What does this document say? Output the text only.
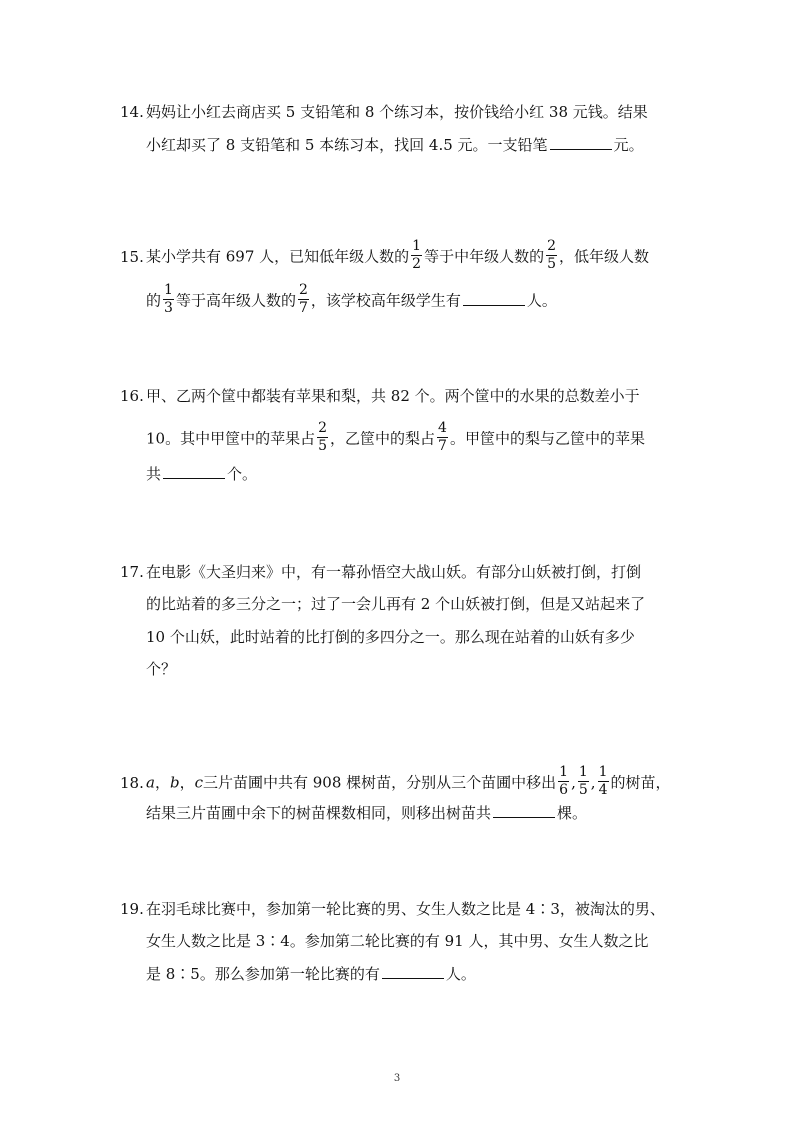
14. 妈妈让小红去商店买 5 支铅笔和 8 个练习本，按价钱给小红 38 元钱。结果
小红却买了 8 支铅笔和 5 本练习本，找回 4.5 元。一支铅笔	元。
15. 某小学共有 697 人，已知低年级人数的 $\frac{1}{2}$ 等于中年级人数的 $\frac{2}{5}$ ，低年级人数
的 $\frac{1}{3}$ 等于高年级人数的 $\frac{2}{7}$ ，该学校高年级学生有	人。
16. 甲、乙两个筐中都装有苹果和梨，共 82 个。两个筐中的水果的总数差小于
10。其中甲筐中的苹果占 $\frac{2}{5}$ ，乙筐中的梨占 $\frac{4}{7}$ 。甲筐中的梨与乙筐中的苹果
共	个。
17. 在电影《大圣归来》中，有一幕孙悟空大战山妖。有部分山妖被打倒，打倒
的比站着的多三分之一；过了一会儿再有 2 个山妖被打倒，但是又站起来了
10 个山妖，此时站着的比打倒的多四分之一。那么现在站着的山妖有多少
个？
18. a，b，c三片苗圃中共有 908 棵树苗，分别从三个苗圃中移出 $\frac{1}{6}$ , $\frac{1}{5}$ , $\frac{1}{4}$ 的树苗，
结果三片苗圃中余下的树苗棵数相同，则移出树苗共	棵。
19. 在羽毛球比赛中，参加第一轮比赛的男、女生人数之比是 4∶3，被淘汰的男、
女生人数之比是 3∶4。参加第二轮比赛的有 91 人，其中男、女生人数之比
是 8∶5。那么参加第一轮比赛的有	人。
3
